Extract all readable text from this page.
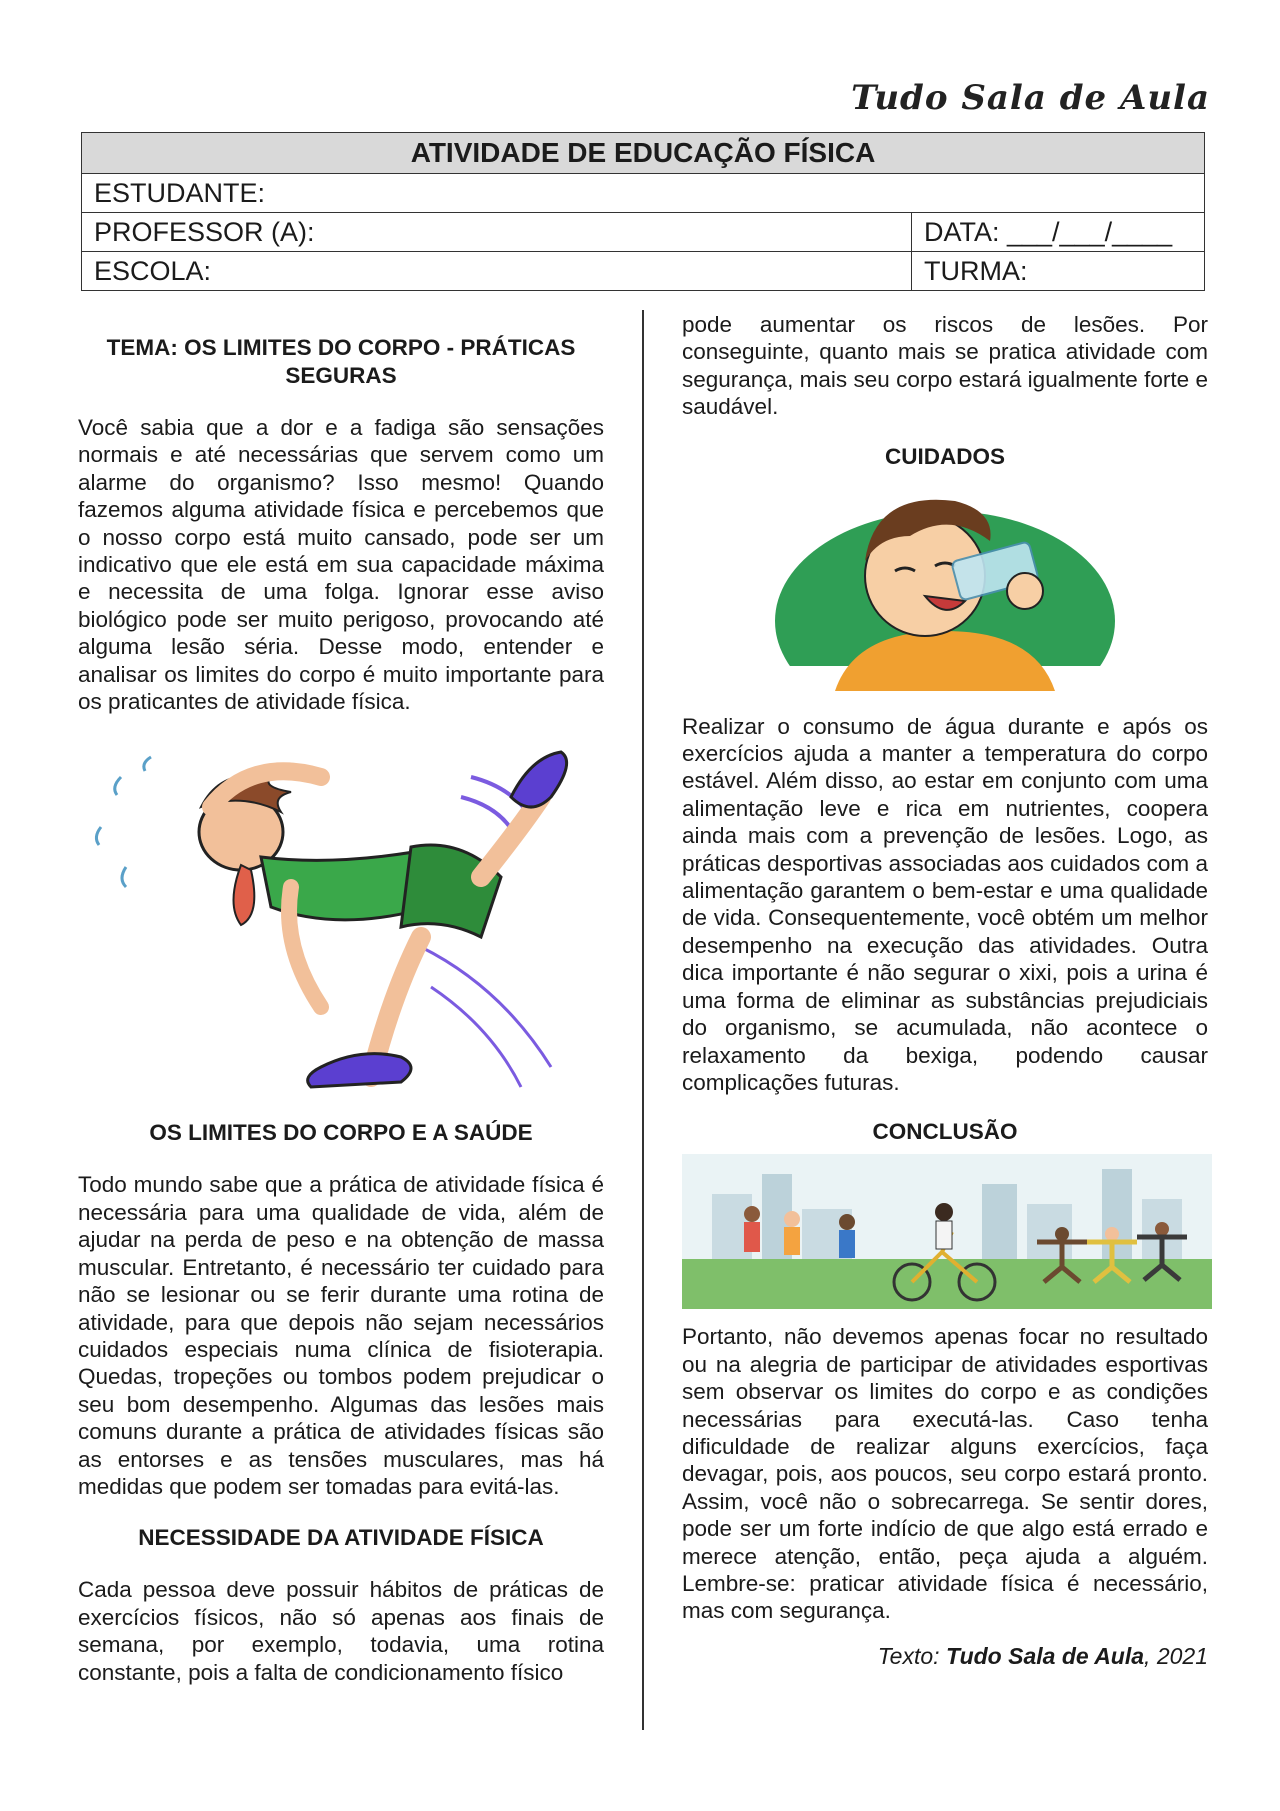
Tudo Sala de Aula
ATIVIDADE DE EDUCAÇÃO FÍSICA
ESTUDANTE:
PROFESSOR (A):	DATA: ___/___/____
ESCOLA:	TURMA:

TEMA: OS LIMITES DO CORPO - PRÁTICAS SEGURAS

Você sabia que a dor e a fadiga são sensações normais e até necessárias que servem como um alarme do organismo? Isso mesmo! Quando fazemos alguma atividade física e percebemos que o nosso corpo está muito cansado, pode ser um indicativo que ele está em sua capacidade máxima e necessita de uma folga. Ignorar esse aviso biológico pode ser muito perigoso, provocando até alguma lesão séria. Desse modo, entender e analisar os limites do corpo é muito importante para os praticantes de atividade física.

OS LIMITES DO CORPO E A SAÚDE

Todo mundo sabe que a prática de atividade física é necessária para uma qualidade de vida, além de ajudar na perda de peso e na obtenção de massa muscular. Entretanto, é necessário ter cuidado para não se lesionar ou se ferir durante uma rotina de atividade, para que depois não sejam necessários cuidados especiais numa clínica de fisioterapia. Quedas, tropeções ou tombos podem prejudicar o seu bom desempenho. Algumas das lesões mais comuns durante a prática de atividades físicas são as entorses e as tensões musculares, mas há medidas que podem ser tomadas para evitá-las.

NECESSIDADE DA ATIVIDADE FÍSICA

Cada pessoa deve possuir hábitos de práticas de exercícios físicos, não só apenas aos finais de semana, por exemplo, todavia, uma rotina constante, pois a falta de condicionamento físico

pode aumentar os riscos de lesões. Por conseguinte, quanto mais se pratica atividade com segurança, mais seu corpo estará igualmente forte e saudável.

CUIDADOS

Realizar o consumo de água durante e após os exercícios ajuda a manter a temperatura do corpo estável. Além disso, ao estar em conjunto com uma alimentação leve e rica em nutrientes, coopera ainda mais com a prevenção de lesões. Logo, as práticas desportivas associadas aos cuidados com a alimentação garantem o bem-estar e uma qualidade de vida. Consequentemente, você obtém um melhor desempenho na execução das atividades. Outra dica importante é não segurar o xixi, pois a urina é uma forma de eliminar as substâncias prejudiciais do organismo, se acumulada, não acontece o relaxamento da bexiga, podendo causar complicações futuras.

CONCLUSÃO

Portanto, não devemos apenas focar no resultado ou na alegria de participar de atividades esportivas sem observar os limites do corpo e as condições necessárias para executá-las. Caso tenha dificuldade de realizar alguns exercícios, faça devagar, pois, aos poucos, seu corpo estará pronto. Assim, você não o sobrecarrega. Se sentir dores, pode ser um forte indício de que algo está errado e merece atenção, então, peça ajuda a alguém. Lembre-se: praticar atividade física é necessário, mas com segurança.

Texto: Tudo Sala de Aula, 2021
